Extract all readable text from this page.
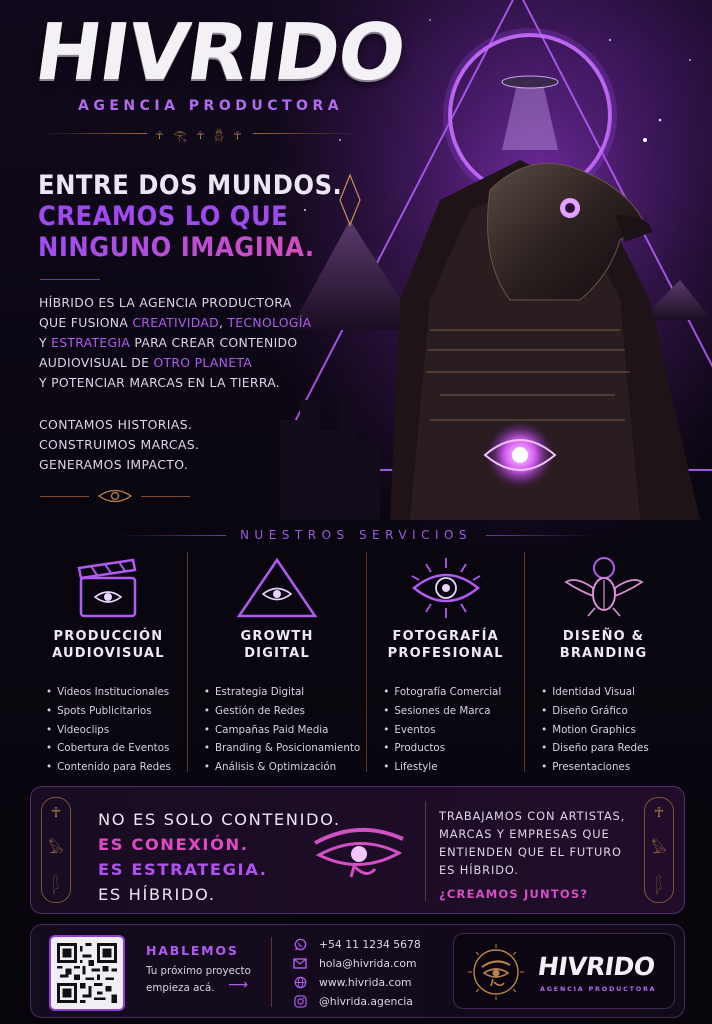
HIVRIDO
AGENCIA PRODUCTORA
☥ 𓂀 ☥ 𓆣 ☥
ENTRE DOS MUNDOS.
CREAMOS LO QUE
NINGUNO IMAGINA.
HÍBRIDO ES LA AGENCIA PRODUCTORA
QUE FUSIONA CREATIVIDAD, TECNOLOGÍA
Y ESTRATEGIA PARA CREAR CONTENIDO
AUDIOVISUAL DE OTRO PLANETA
Y POTENCIAR MARCAS EN LA TIERRA.
CONTAMOS HISTORIAS.
CONSTRUIMOS MARCAS.
GENERAMOS IMPACTO.
NUESTROS SERVICIOS
PRODUCCIÓN
AUDIOVISUAL
• Videos Institucionales
• Spots Publicitarios
• Videoclips
• Cobertura de Eventos
• Contenido para Redes
GROWTH
DIGITAL
• Estrategia Digital
• Gestión de Redes
• Campañas Paid Media
• Branding & Posicionamiento
• Análisis & Optimización
FOTOGRAFÍA
PROFESIONAL
• Fotografía Comercial
• Sesiones de Marca
• Eventos
• Productos
• Lifestyle
DISEÑO &
BRANDING
• Identidad Visual
• Diseño Gráfico
• Motion Graphics
• Diseño para Redes
• Presentaciones
☥
𓅃
𓆄
NO ES SOLO CONTENIDO.
ES CONEXIÓN.
ES ESTRATEGIA.
ES HÍBRIDO.
TRABAJAMOS CON ARTISTAS,
MARCAS Y EMPRESAS QUE
ENTIENDEN QUE EL FUTURO
ES HÍBRIDO.
¿CREAMOS JUNTOS?
☥
𓅃
𓆄
HABLEMOS
Tu próximo proyecto
empieza acá. ⟶
+54 11 1234 5678
hola@hivrida.com
www.hivrida.com
@hivrida.agencia
HIVRIDO
AGENCIA PRODUCTORA
